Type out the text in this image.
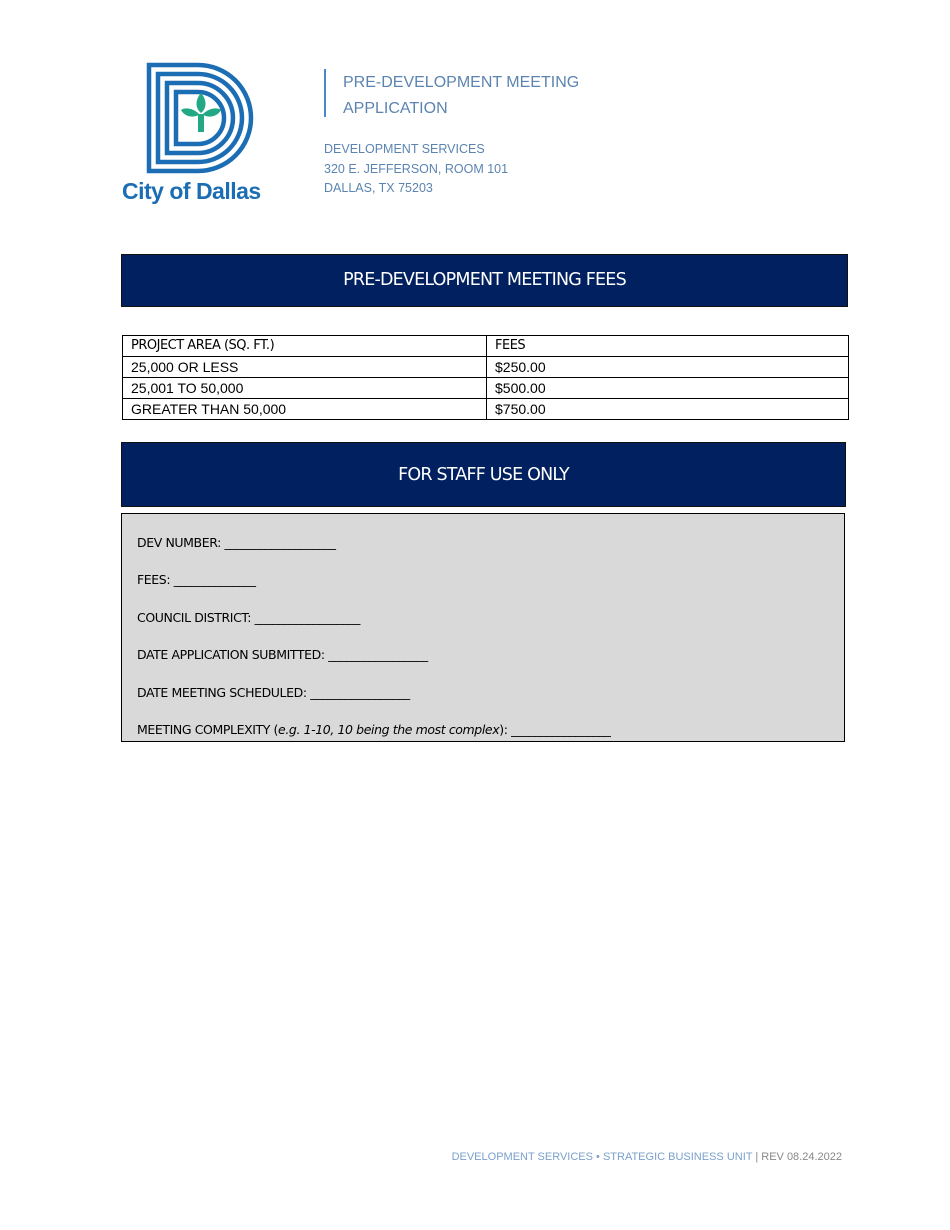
City of Dallas
PRE-DEVELOPMENT MEETING
APPLICATION
DEVELOPMENT SERVICES
320 E. JEFFERSON, ROOM 101
DALLAS, TX 75203
PRE-DEVELOPMENT MEETING FEES
PROJECT AREA (SQ. FT.)	FEES
25,000 OR LESS	$250.00
25,001 TO 50,000	$500.00
GREATER THAN 50,000	$750.00
FOR STAFF USE ONLY
DEV NUMBER: ___________________
FEES: ______________
COUNCIL DISTRICT: __________________
DATE APPLICATION SUBMITTED: _________________
DATE MEETING SCHEDULED: _________________
MEETING COMPLEXITY (e.g. 1-10, 10 being the most complex): _________________
DEVELOPMENT SERVICES • STRATEGIC BUSINESS UNIT | REV 08.24.2022
